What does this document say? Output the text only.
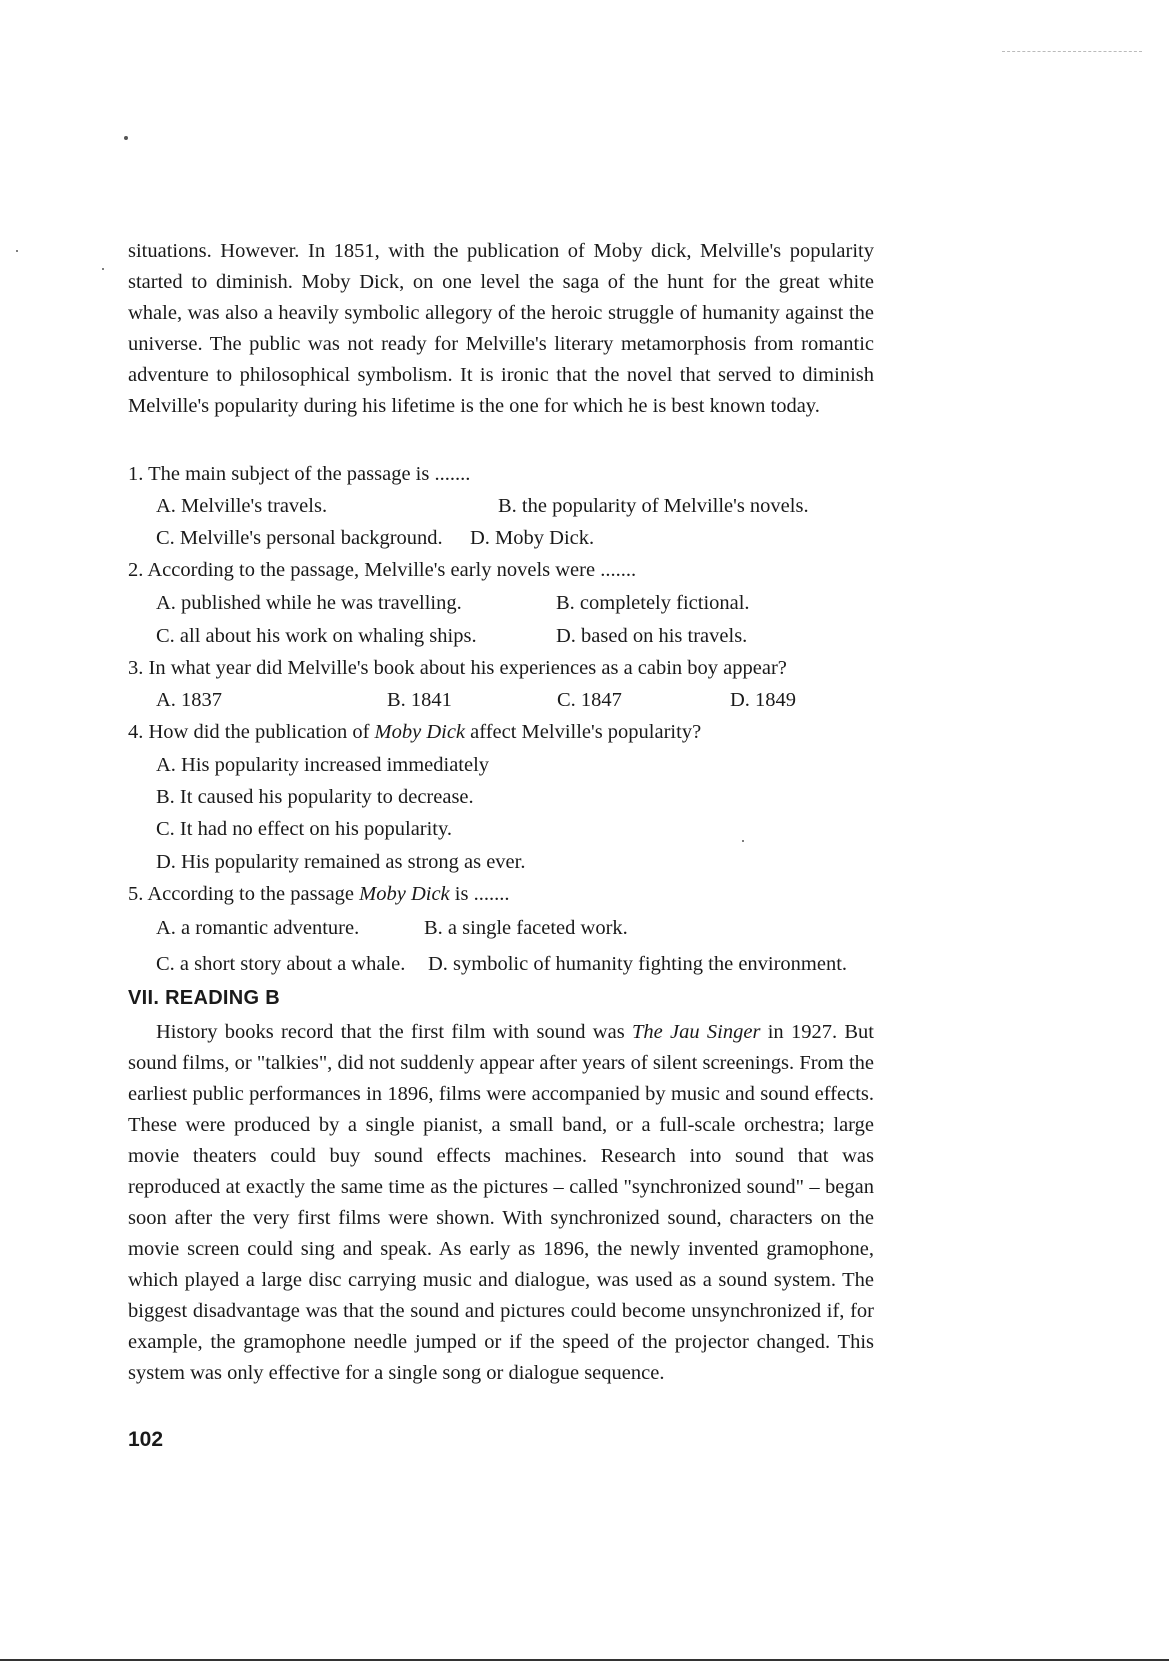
situations. However. In 1851, with the publication of Moby dick, Melville's popularity started to diminish. Moby Dick, on one level the saga of the hunt for the great white whale, was also a heavily symbolic allegory of the heroic struggle of humanity against the universe. The public was not ready for Melville's literary metamorphosis from romantic adventure to philosophical symbolism. It is ironic that the novel that served to diminish Melville's popularity during his lifetime is the one for which he is best known today.

1. The main subject of the passage is .......
A. Melville's travels.	B. the popularity of Melville's novels.
C. Melville's personal background. D. Moby Dick.
2. According to the passage, Melville's early novels were .......
A. published while he was travelling.	B. completely fictional.
C. all about his work on whaling ships.	D. based on his travels.
3. In what year did Melville's book about his experiences as a cabin boy appear?
A. 1837	B. 1841	C. 1847	D. 1849
4. How did the publication of Moby Dick affect Melville's popularity?
A. His popularity increased immediately
B. It caused his popularity to decrease.
C. It had no effect on his popularity.
D. His popularity remained as strong as ever.
5. According to the passage Moby Dick is .......
A. a romantic adventure.	B. a single faceted work.
C. a short story about a whale. D. symbolic of humanity fighting the environment.
VII. READING B

History books record that the first film with sound was The Jau Singer in 1927. But sound films, or "talkies", did not suddenly appear after years of silent screenings. From the earliest public performances in 1896, films were accompanied by music and sound effects. These were produced by a single pianist, a small band, or a full-scale orchestra; large movie theaters could buy sound effects machines. Research into sound that was reproduced at exactly the same time as the pictures – called "synchronized sound" – began soon after the very first films were shown. With synchronized sound, characters on the movie screen could sing and speak. As early as 1896, the newly invented gramophone, which played a large disc carrying music and dialogue, was used as a sound system. The biggest disadvantage was that the sound and pictures could become unsynchronized if, for example, the gramophone needle jumped or if the speed of the projector changed. This system was only effective for a single song or dialogue sequence.

102
